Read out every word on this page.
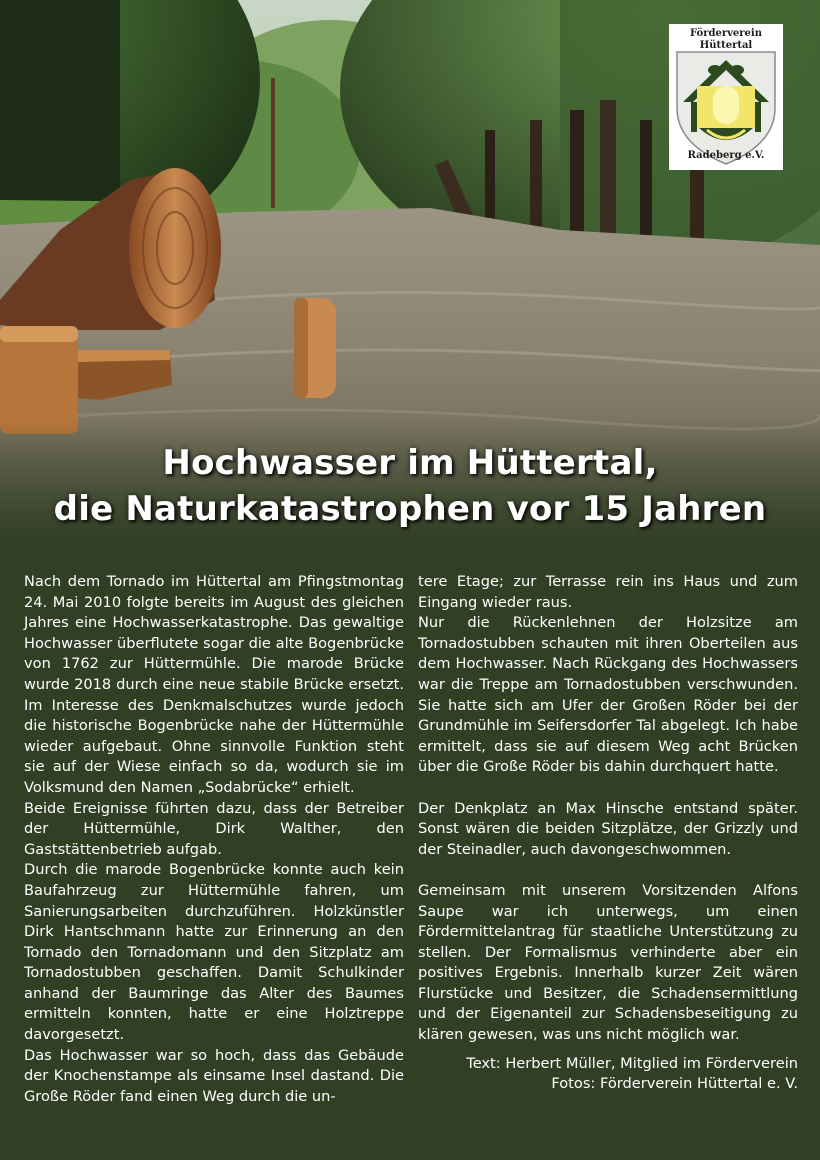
Förderverein
Hüttertal
Radeberg e.V.
Hochwasser im Hüttertal,
die Naturkatastrophen vor 15 Jahren

Nach dem Tornado im Hüttertal am Pfingstmontag 24. Mai 2010 folgte bereits im August des gleichen Jahres eine Hochwasserkatastrophe. Das gewaltige Hochwasser überflutete sogar die alte Bogenbrücke von 1762 zur Hüttermühle. Die marode Brücke wurde 2018 durch eine neue stabile Brücke ersetzt. Im Interesse des Denkmalschutzes wurde jedoch die historische Bogenbrücke nahe der Hüttermühle wieder aufgebaut. Ohne sinnvolle Funktion steht sie auf der Wiese einfach so da, wodurch sie im Volksmund den Namen „Sodabrücke“ erhielt.

Beide Ereignisse führten dazu, dass der Betreiber der Hüttermühle, Dirk Walther, den Gaststättenbetrieb aufgab.

Durch die marode Bogenbrücke konnte auch kein Baufahrzeug zur Hüttermühle fahren, um Sanierungsarbeiten durchzuführen. Holzkünstler Dirk Hantschmann hatte zur Erinnerung an den Tornado den Tornadomann und den Sitzplatz am Tornadostubben geschaffen. Damit Schulkinder anhand der Baumringe das Alter des Baumes ermitteln konnten, hatte er eine Holztreppe davorgesetzt.

Das Hochwasser war so hoch, dass das Gebäude der Knochenstampe als einsame Insel dastand. Die Große Röder fand einen Weg durch die un-

tere Etage; zur Terrasse rein ins Haus und zum Eingang wieder raus.

Nur die Rückenlehnen der Holzsitze am Tornadostubben schauten mit ihren Oberteilen aus dem Hochwasser. Nach Rückgang des Hochwassers war die Treppe am Tornadostubben verschwunden. Sie hatte sich am Ufer der Großen Röder bei der Grundmühle im Seifersdorfer Tal abgelegt. Ich habe ermittelt, dass sie auf diesem Weg acht Brücken über die Große Röder bis dahin durchquert hatte.

Der Denkplatz an Max Hinsche entstand später. Sonst wären die beiden Sitzplätze, der Grizzly und der Steinadler, auch davongeschwommen.

Gemeinsam mit unserem Vorsitzenden Alfons Saupe war ich unterwegs, um einen Fördermittelantrag für staatliche Unterstützung zu stellen. Der Formalismus verhinderte aber ein positives Ergebnis. Innerhalb kurzer Zeit wären Flurstücke und Besitzer, die Schadensermittlung und der Eigenanteil zur Schadensbeseitigung zu klären gewesen, was uns nicht möglich war.

Text: Herbert Müller, Mitglied im Förderverein
Fotos: Förderverein Hüttertal e. V.
